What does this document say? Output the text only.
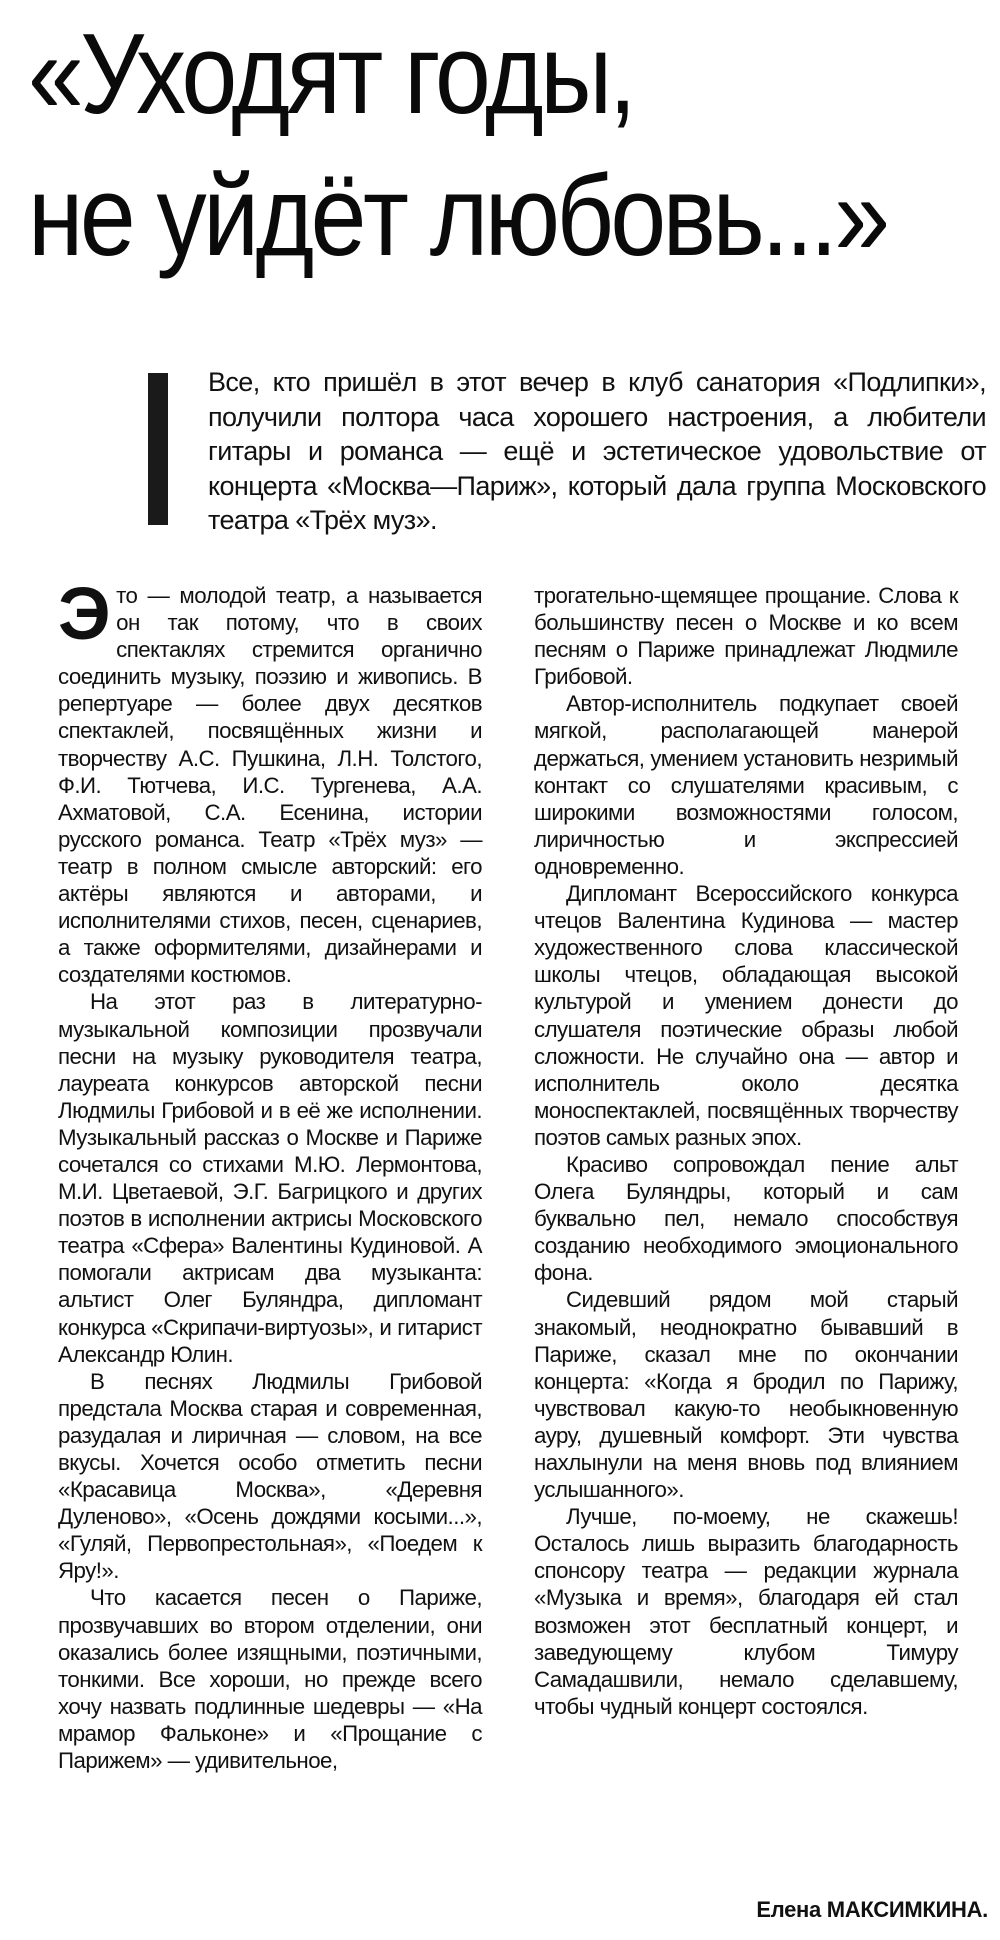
«Уходят годы,
не уйдёт любовь...»

Все, кто пришёл в этот вечер в клуб санатория «Подлипки», получили полтора часа хорошего настроения, а любители гитары и романса — ещё и эстетическое удовольствие от концерта «Москва—Париж», который дала группа Московского театра «Трёх муз».

Это — молодой театр, а называется он так потому, что в своих спектаклях стремится органично соединить музыку, поэзию и живопись. В репертуаре — более двух десятков спектаклей, посвящённых жизни и творчеству А.С. Пушкина, Л.Н. Толстого, Ф.И. Тютчева, И.С. Тургенева, А.А. Ахматовой, С.А. Есенина, истории русского романса. Театр «Трёх муз» — театр в полном смысле авторский: его актёры являются и авторами, и исполнителями стихов, песен, сценариев, а также оформителями, дизайнерами и создателями костюмов.

На этот раз в литературно-музыкальной композиции прозвучали песни на музыку руководителя театра, лауреата конкурсов авторской песни Людмилы Грибовой и в её же исполнении. Музыкальный рассказ о Москве и Париже сочетался со стихами М.Ю. Лермонтова, М.И. Цветаевой, Э.Г. Багрицкого и других поэтов в исполнении актрисы Московского театра «Сфера» Валентины Кудиновой. А помогали актрисам два музыканта: альтист Олег Буляндра, дипломант конкурса «Скрипачи-виртуозы», и гитарист Александр Юлин.

В песнях Людмилы Грибовой предстала Москва старая и современная, разудалая и лиричная — словом, на все вкусы. Хочется особо отметить песни «Красавица Москва», «Деревня Дуленово», «Осень дождями косыми...», «Гуляй, Первопрестольная», «Поедем к Яру!».

Что касается песен о Париже, прозвучавших во втором отделении, они оказались более изящными, поэтичными, тонкими. Все хороши, но прежде всего хочу назвать подлинные шедевры — «На мрамор Фальконе» и «Прощание с Парижем» — удивительное,

трогательно-щемящее прощание. Слова к большинству песен о Москве и ко всем песням о Париже принадлежат Людмиле Грибовой.

Автор-исполнитель подкупает своей мягкой, располагающей манерой держаться, умением установить незримый контакт со слушателями красивым, с широкими возможностями голосом, лиричностью и экспрессией одновременно.

Дипломант Всероссийского конкурса чтецов Валентина Кудинова — мастер художественного слова классической школы чтецов, обладающая высокой культурой и умением донести до слушателя поэтические образы любой сложности. Не случайно она — автор и исполнитель около десятка моноспектаклей, посвящённых творчеству поэтов самых разных эпох.

Красиво сопровождал пение альт Олега Буляндры, который и сам буквально пел, немало способствуя созданию необходимого эмоционального фона.

Сидевший рядом мой старый знакомый, неоднократно бывавший в Париже, сказал мне по окончании концерта: «Когда я бродил по Парижу, чувствовал какую-то необыкновенную ауру, душевный комфорт. Эти чувства нахлынули на меня вновь под влиянием услышанного».

Лучше, по-моему, не скажешь! Осталось лишь выразить благодарность спонсору театра — редакции журнала «Музыка и время», благодаря ей стал возможен этот бесплатный концерт, и заведующему клубом Тимуру Самадашвили, немало сделавшему, чтобы чудный концерт состоялся.

Елена МАКСИМКИНА.
